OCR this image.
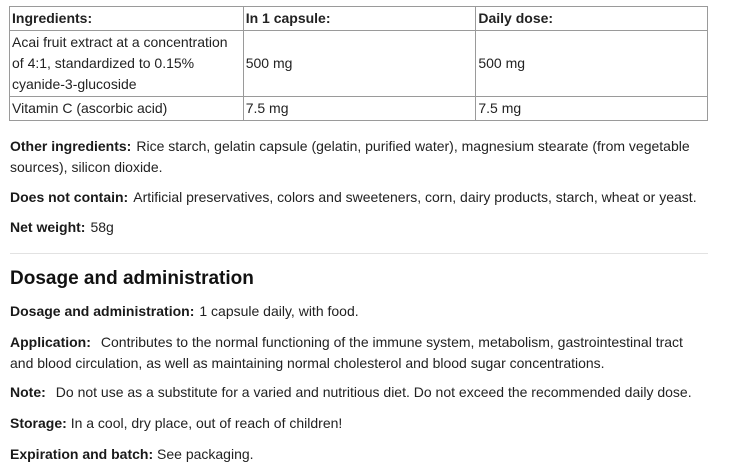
Ingredients:	In 1 capsule:	Daily dose:
Acai fruit extract at a concentration of 4:1, standardized to 0.15% cyanide-3-glucoside	500 mg	500 mg
Vitamin C (ascorbic acid)	7.5 mg	7.5 mg

Other ingredients: Rice starch, gelatin capsule (gelatin, purified water), magnesium stearate (from vegetable sources), silicon dioxide.

Does not contain: Artificial preservatives, colors and sweeteners, corn, dairy products, starch, wheat or yeast.

Net weight: 58g

Dosage and administration

Dosage and administration: 1 capsule daily, with food.

Application: Contributes to the normal functioning of the immune system, metabolism, gastrointestinal tract and blood circulation, as well as maintaining normal cholesterol and blood sugar concentrations.

Note: Do not use as a substitute for a varied and nutritious diet. Do not exceed the recommended daily dose.

Storage: In a cool, dry place, out of reach of children!

Expiration and batch: See packaging.
